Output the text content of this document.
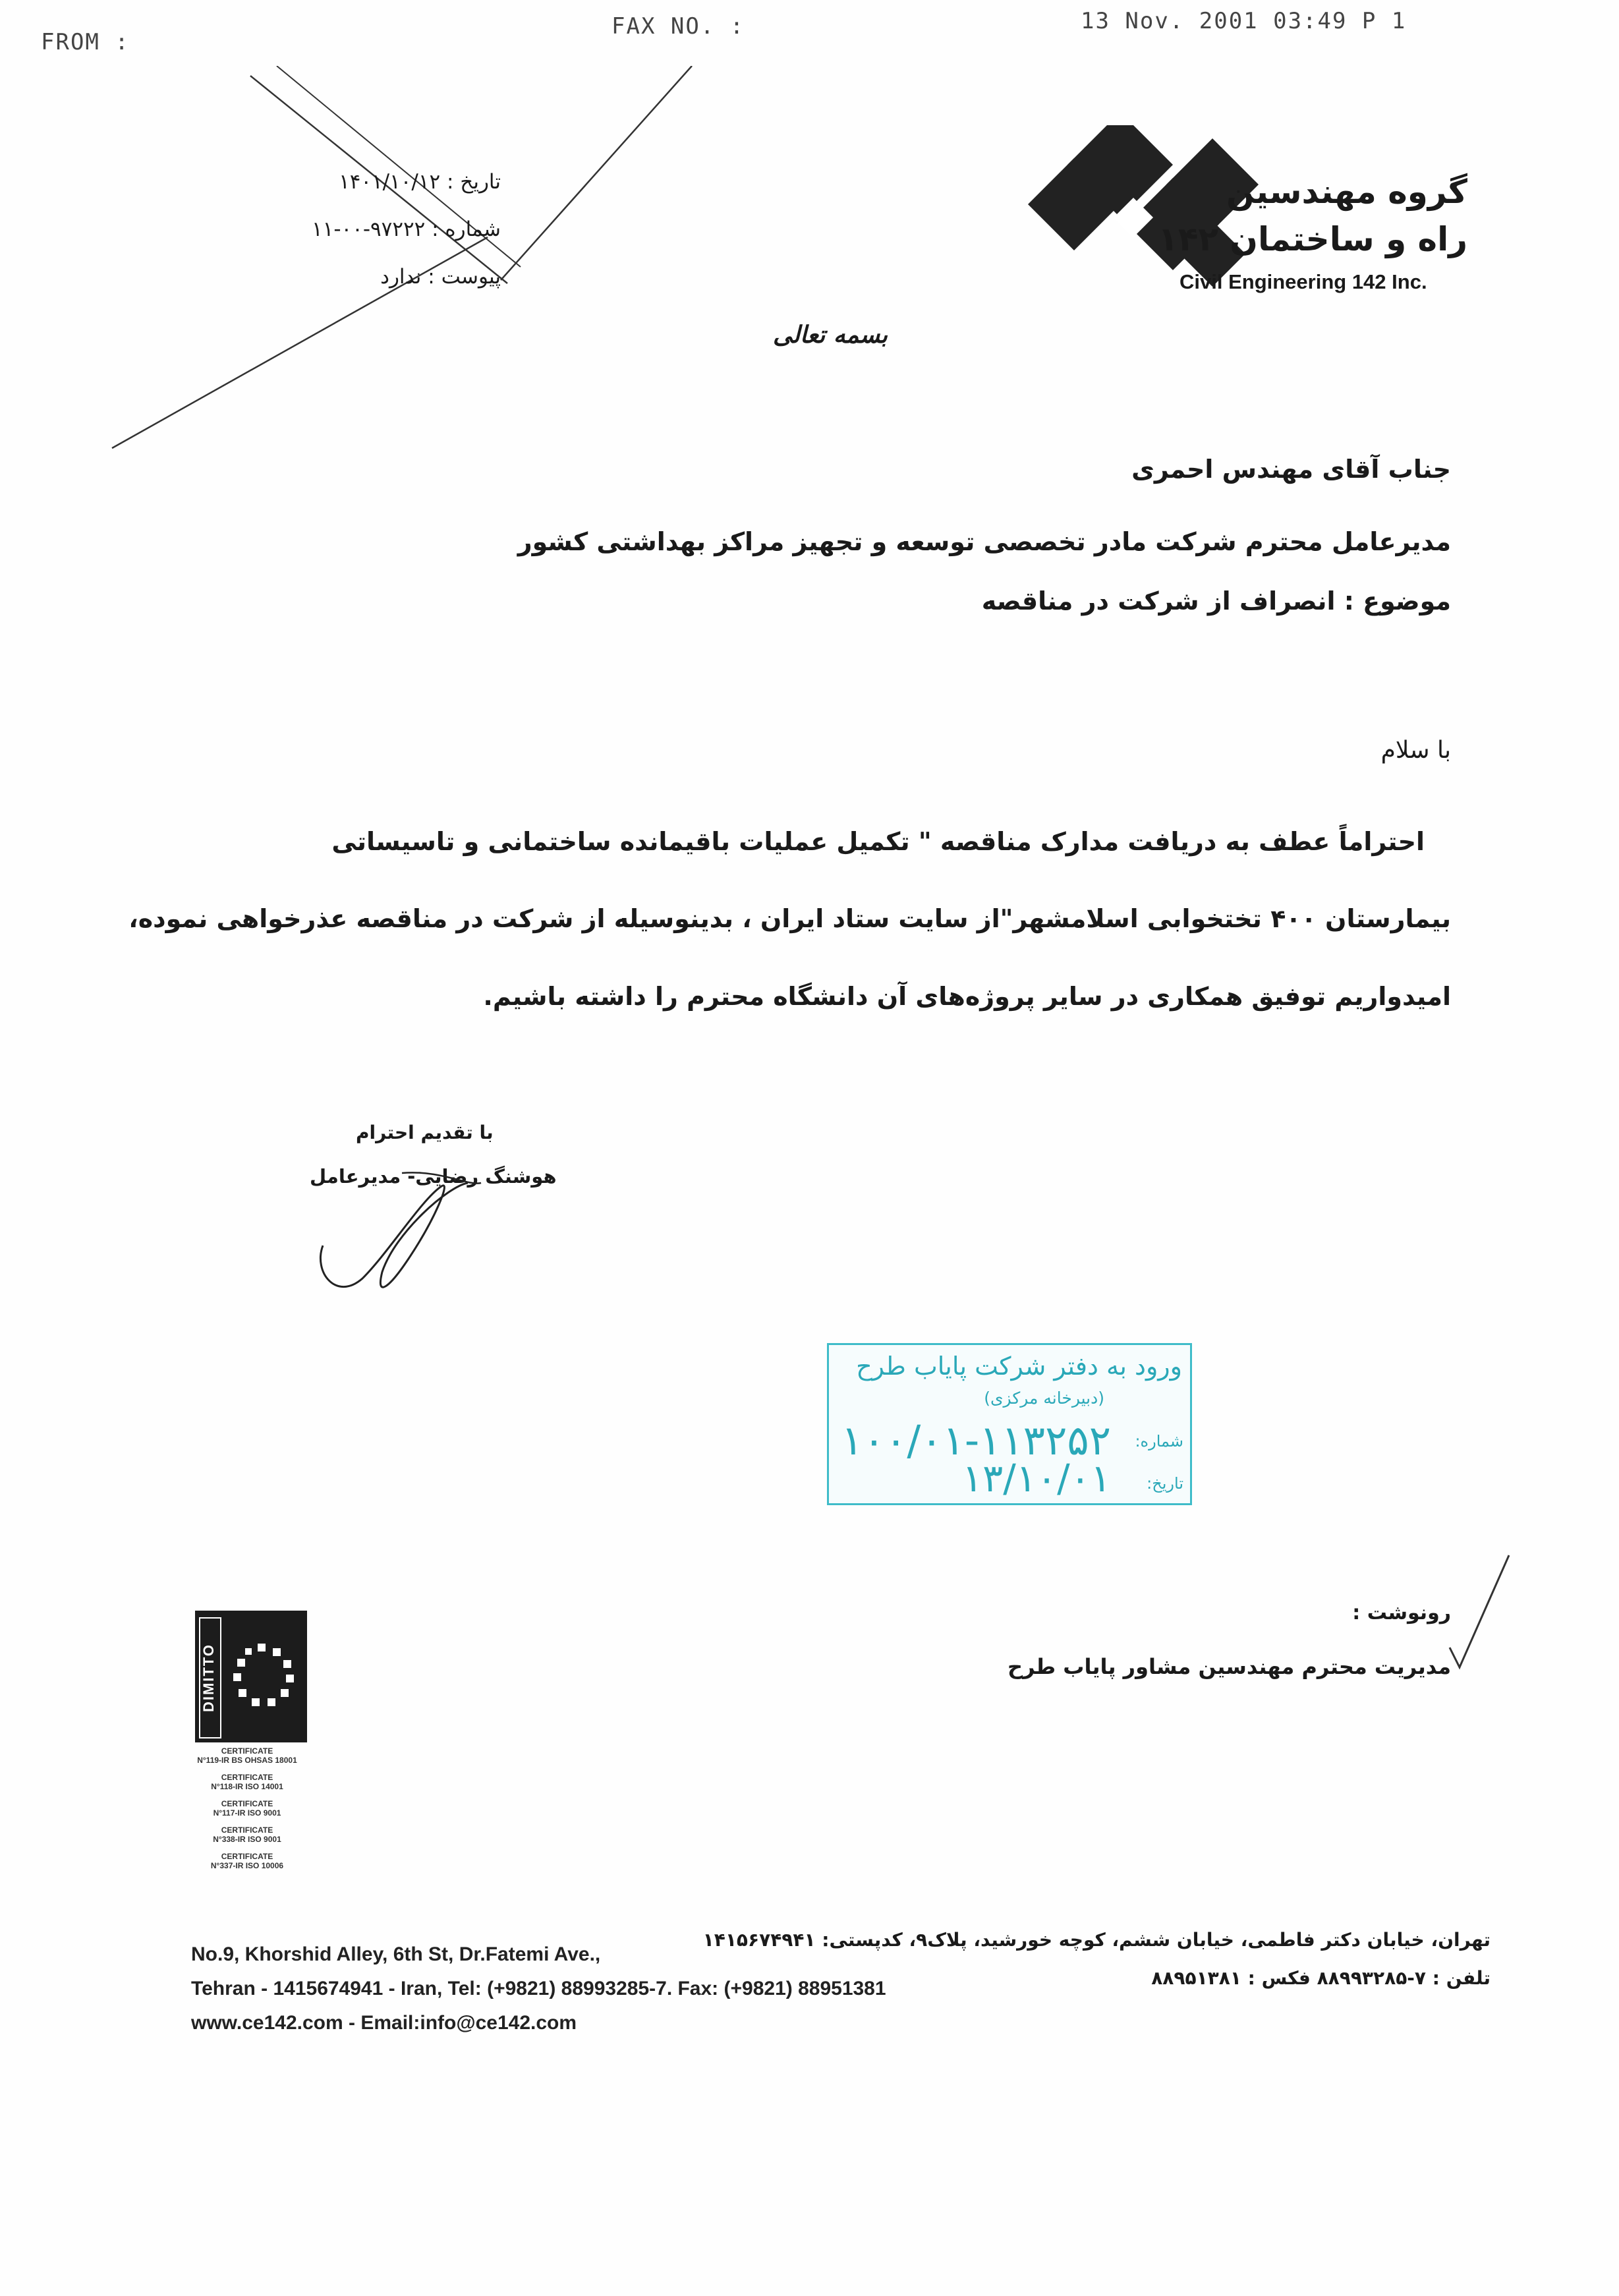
FROM :
FAX NO. :	13 Nov. 2001 03:49 P 1
تاریخ : ۱۴۰۱/۱۰/۱۲
شماره : ۹۷۲۲۲-۰۰-۱۱
پیوست : ندارد
گروه مهندسین
راه و ساختمان ۱۴۲
Civil Engineering 142 Inc.
بسمه تعالی
جناب آقای مهندس احمری
مدیرعامل محترم شرکت مادر تخصصی توسعه و تجهیز مراکز بهداشتی کشور
موضوع : انصراف از شرکت در مناقصه
با سلام
احتراماً عطف به دریافت مدارک مناقصه " تکمیل عملیات باقیمانده ساختمانی و تاسیساتی
بیمارستان ۴۰۰ تختخوابی اسلامشهر"از سایت ستاد ایران ، بدینوسیله از شرکت در مناقصه عذرخواهی نموده،
امیدواریم توفیق همکاری در سایر پروژه‌های آن دانشگاه محترم را داشته باشیم.
با تقدیم احترام
هوشنگ رضایی- مدیرعامل
ورود به دفتر شرکت پاياب طرح
(دبیرخانه مرکزی)
شماره:
۱۰۰/۰۱-۱۱۳۲۵۲
تاریخ:
۱۳/۱۰/۰۱
رونوشت :
مدیریت محترم مهندسین مشاور پایاب طرح
DIMITTO
CERTIFICATE
N°119-IR BS OHSAS 18001
CERTIFICATE
N°118-IR ISO 14001
CERTIFICATE
N°117-IR ISO 9001
CERTIFICATE
N°338-IR ISO 9001
CERTIFICATE
N°337-IR ISO 10006
No.9, Khorshid Alley, 6th St, Dr.Fatemi Ave.,
Tehran - 1415674941 - Iran, Tel: (+9821) 88993285-7. Fax: (+9821) 88951381
www.ce142.com - Email:info@ce142.com
تهران، خیابان دکتر فاطمی، خیابان ششم، کوچه خورشید، پلاک۹، کدپستی: ۱۴۱۵۶۷۴۹۴۱
تلفن : ۷-۸۸۹۹۳۲۸۵ فکس : ۸۸۹۵۱۳۸۱
